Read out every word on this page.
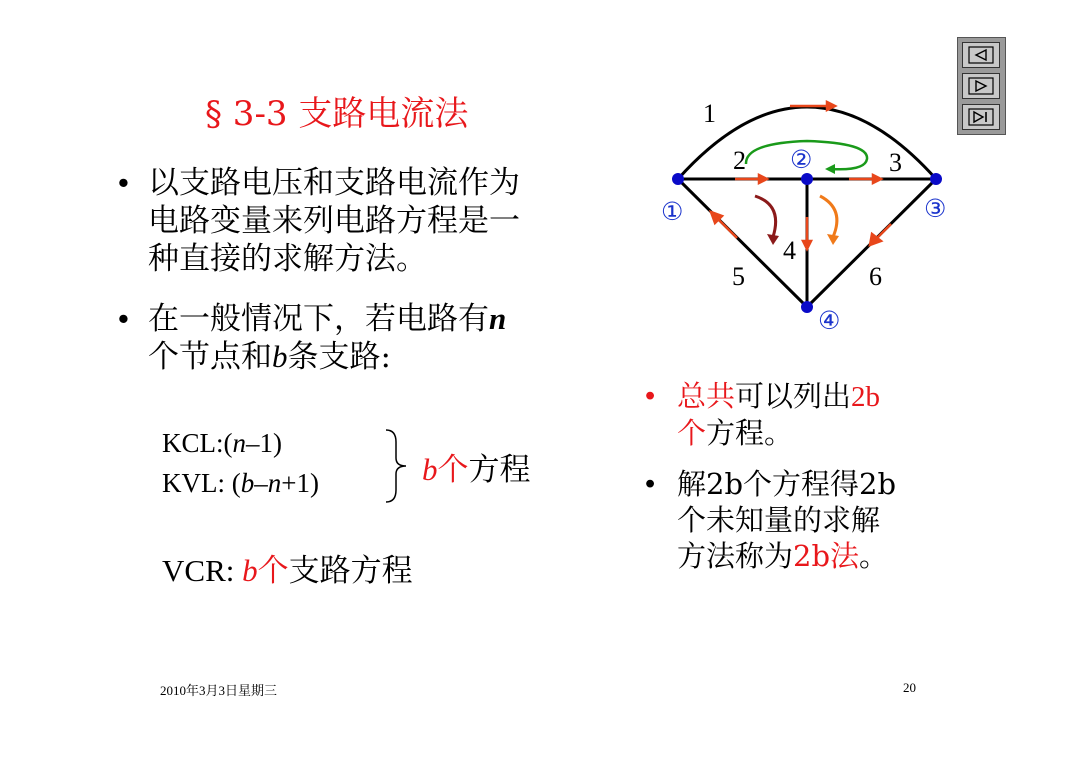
§ 3-3 支路电流法
• 以支路电压和支路电流作为
电路变量来列电路方程是一
种直接的求解方法。
• 在一般情况下，若电路有n
个节点和b条支路:
KCL:(n–1)
KVL: (b–n+1)	b个方程
VCR: b个支路方程
• 总共可以列出2b
个方程。
• 解2b个方程得2b
个未知量的求解
方法称为2b法。
1
2	3
4
5	6
①
②
③
④
2010年3月3日星期三	20
